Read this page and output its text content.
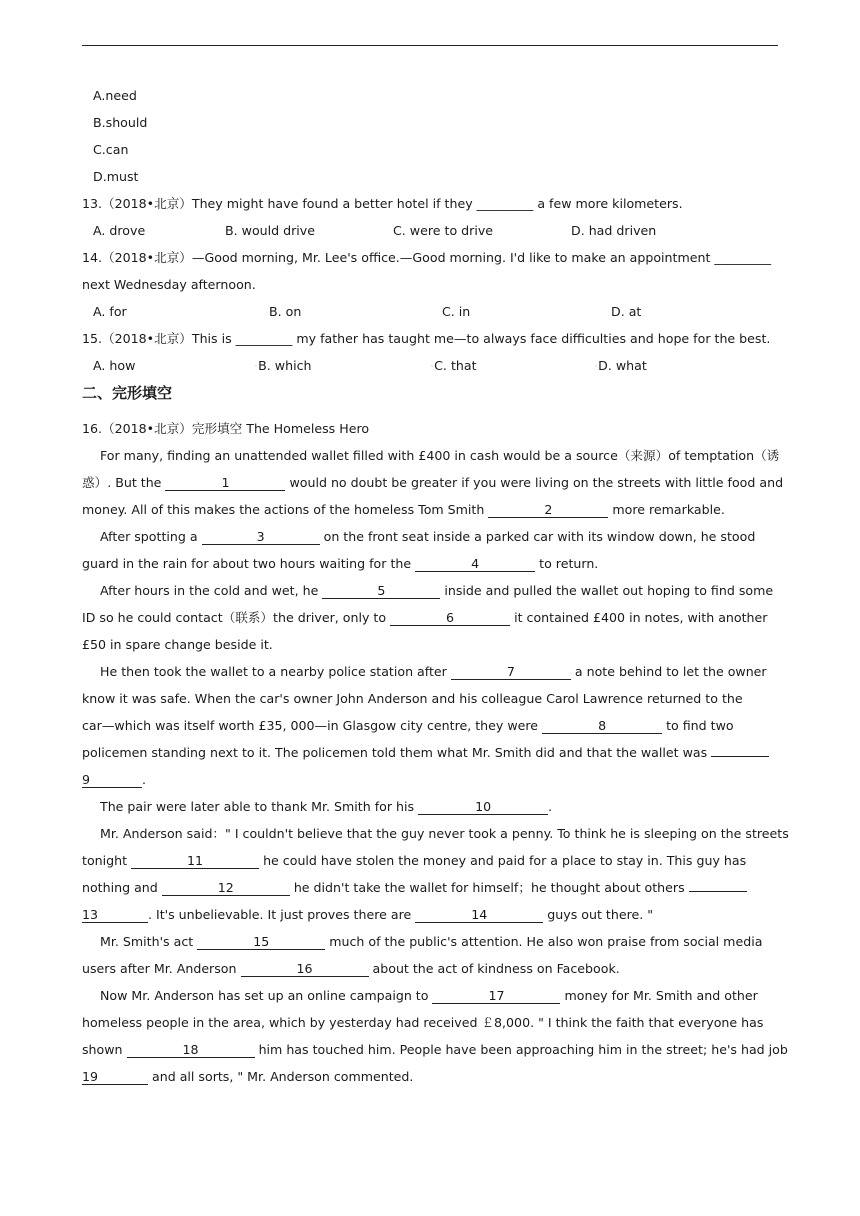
A.need
B.should
C.can
D.must
13.（2018•北京）They might have found a better hotel if they _________ a few more kilometers.
A. drove	B. would drive	C. were to drive	D. had driven
14.（2018•北京）—Good morning, Mr. Lee's office.—Good morning. I'd like to make an appointment _________
next Wednesday afternoon.
A. for	B. on	C. in	D. at
15.（2018•北京）This is _________ my father has taught me—to always face difficulties and hope for the best.
A. how	◦B. which	◦C. that	◦D. what
二、完形填空
16.（2018•北京）完形填空 The Homeless Hero
For many, finding an unattended wallet filled with £400 in cash would be a source（来源）of temptation（诱
惑）. But the	1	would no doubt be greater if you were living on the streets with little food and
money. All of this makes the actions of the homeless Tom Smith	2	more remarkable.
After spotting a	3	on the front seat inside a parked car with its window down, he stood
guard in the rain for about two hours waiting for the	4	to return.
After hours in the cold and wet, he	5	inside and pulled the wallet out hoping to find some
ID so he could contact（联系）the driver, only to	6	it contained £400 in notes, with another
£50 in spare change beside it.
He then took the wallet to a nearby police station after	7	a note behind to let the owner
know it was safe. When the car's owner John Anderson and his colleague Carol Lawrence returned to the
car—which was itself worth £35, 000—in Glasgow city centre, they were	8	to find two
policemen standing next to it. The policemen told them what Mr. Smith did and that the wallet was
9	.
The pair were later able to thank Mr. Smith for his	10	.
Mr. Anderson said：" I couldn't believe that the guy never took a penny. To think he is sleeping on the streets
tonight	11	he could have stolen the money and paid for a place to stay in. This guy has
nothing and	12	he didn't take the wallet for himself；he thought about others
13	. It's unbelievable. It just proves there are	14	guys out there. "
Mr. Smith's act	15	much of the public's attention. He also won praise from social media
users after Mr. Anderson	16	about the act of kindness on Facebook.
Now Mr. Anderson has set up an online campaign to	17	money for Mr. Smith and other
homeless people in the area, which by yesterday had received ￡8,000. " I think the faith that everyone has
shown	18	him has touched him. People have been approaching him in the street; he's had job
19	and all sorts, " Mr. Anderson commented.
